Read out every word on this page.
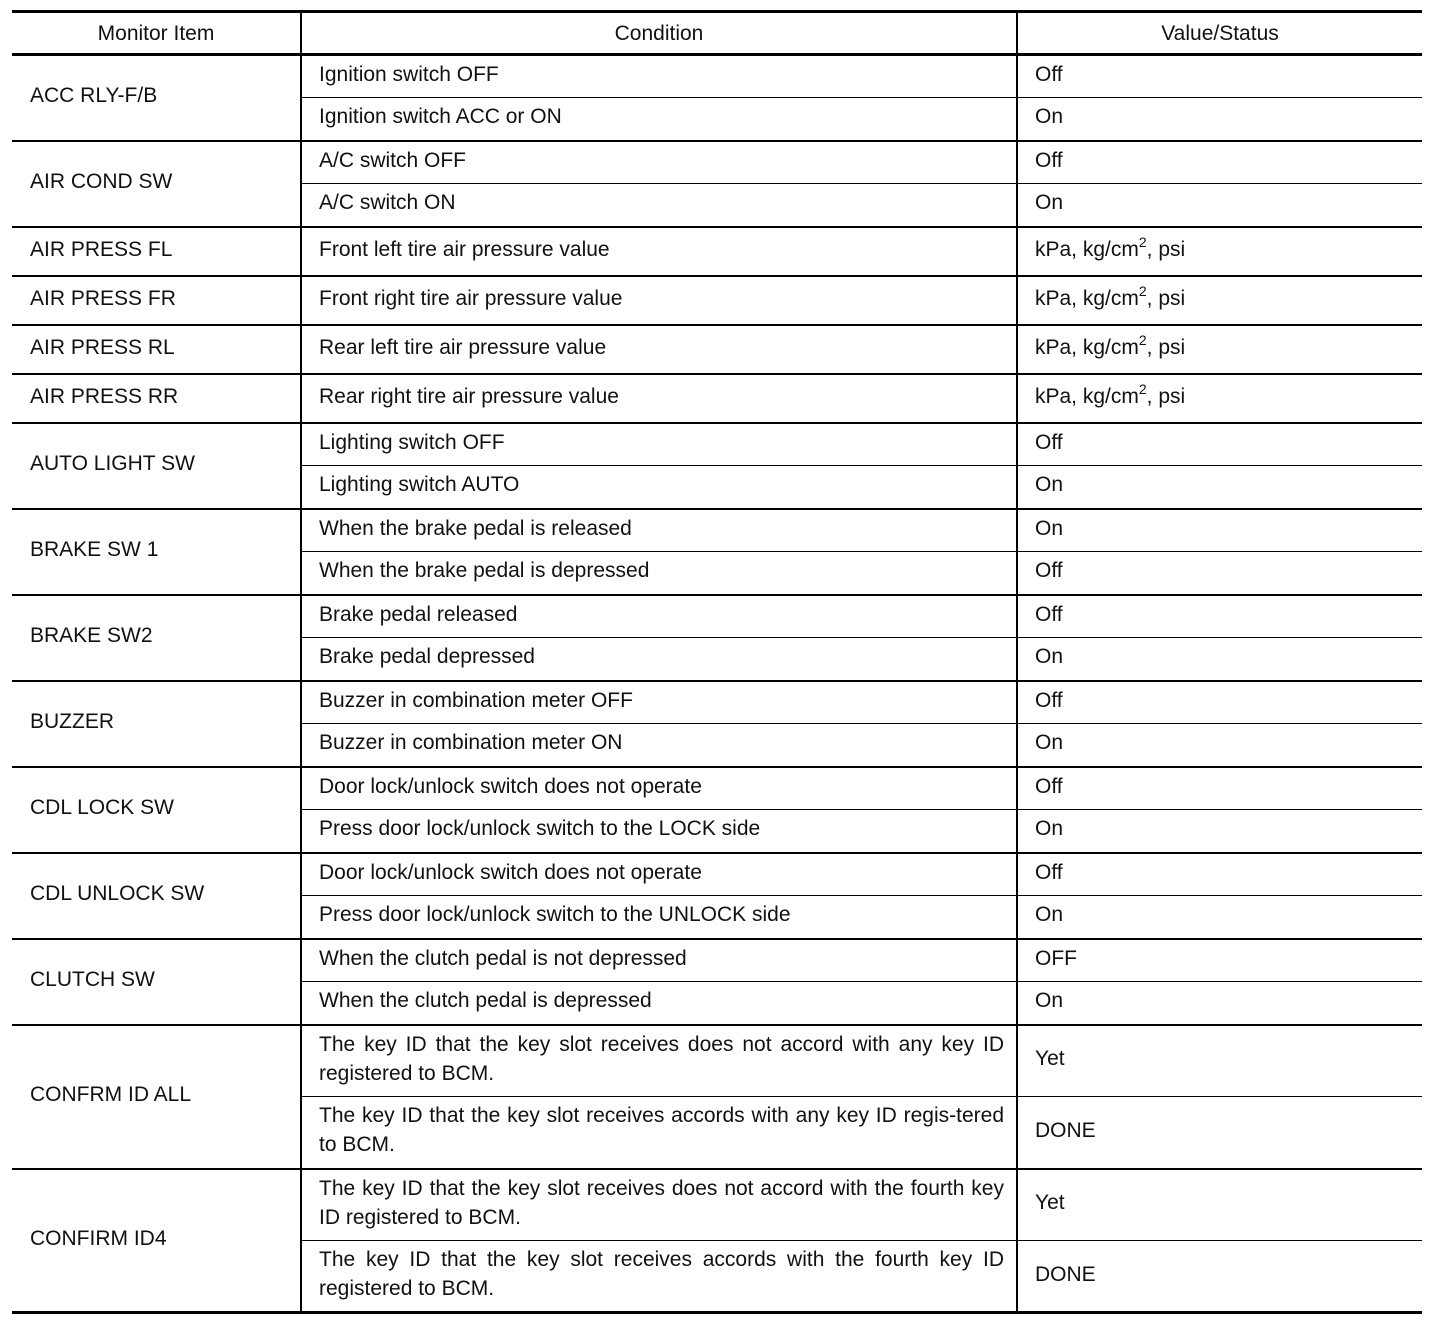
Monitor Item	Condition	Value/Status
ACC RLY-F/B	Ignition switch OFF	Off
	Ignition switch ACC or ON	On
AIR COND SW	A/C switch OFF	Off
	A/C switch ON	On
AIR PRESS FL	Front left tire air pressure value	kPa, $kg/cm^2$, psi
AIR PRESS FR	Front right tire air pressure value	kPa, $kg/cm^2$, psi
AIR PRESS RL	Rear left tire air pressure value	kPa, $kg/cm^2$, psi
AIR PRESS RR	Rear right tire air pressure value	kPa, $kg/cm^2$, psi
AUTO LIGHT SW	Lighting switch OFF	Off
	Lighting switch AUTO	On
BRAKE SW 1	When the brake pedal is released	On
	When the brake pedal is depressed	Off
BRAKE SW2	Brake pedal released	Off
	Brake pedal depressed	On
BUZZER	Buzzer in combination meter OFF	Off
	Buzzer in combination meter ON	On
CDL LOCK SW	Door lock/unlock switch does not operate	Off
	Press door lock/unlock switch to the LOCK side	On
CDL UNLOCK SW	Door lock/unlock switch does not operate	Off
	Press door lock/unlock switch to the UNLOCK side	On
CLUTCH SW	When the clutch pedal is not depressed	OFF
	When the clutch pedal is depressed	On
CONFRM ID ALL	The key ID that the key slot receives does not accord with any key ID registered to BCM.	Yet
	The key ID that the key slot receives accords with any key ID regis-tered to BCM.	DONE
CONFIRM ID4	The key ID that the key slot receives does not accord with the fourth key ID registered to BCM.	Yet
	The key ID that the key slot receives accords with the fourth key ID registered to BCM.	DONE
